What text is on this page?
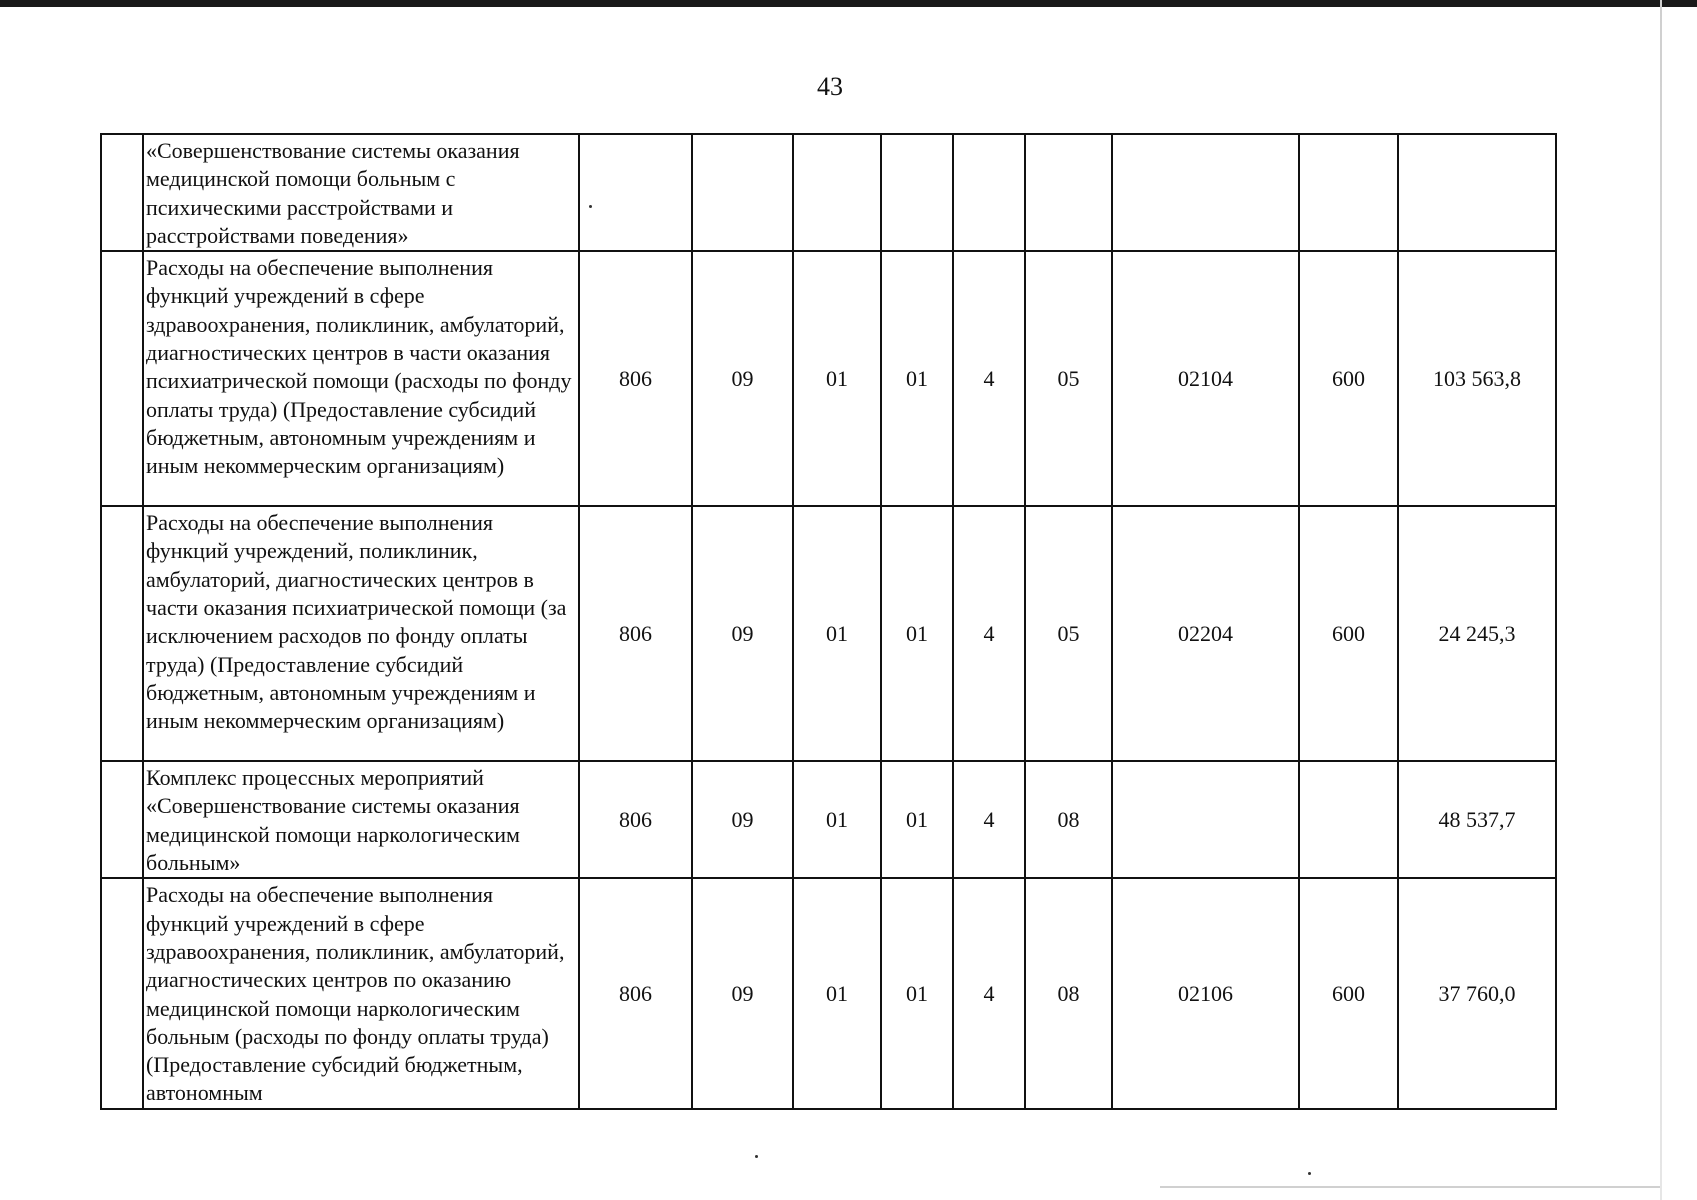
43
	«Совершенствование системы оказания медицинской помощи больным с психическими расстройствами и расстройствами поведения»									
	Расходы на обеспечение выполнения функций учреждений в сфере здравоохранения, поликлиник, амбулаторий, диагностических центров в части оказания психиатрической помощи (расходы по фонду оплаты труда) (Предоставление субсидий бюджетным, автономным учреждениям и иным некоммерческим организациям)	806	09	01	01	4	05	02104	600	103 563,8
	Расходы на обеспечение выполнения функций учреждений, поликлиник, амбулаторий, диагностических центров в части оказания психиатрической помощи (за исключением расходов по фонду оплаты труда) (Предоставление субсидий бюджетным, автономным учреждениям и иным некоммерческим организациям)	806	09	01	01	4	05	02204	600	24 245,3
	Комплекс процессных мероприятий «Совершенствование системы оказания медицинской помощи наркологическим больным»	806	09	01	01	4	08			48 537,7
	Расходы на обеспечение выполнения функций учреждений в сфере здравоохранения, поликлиник, амбулаторий, диагностических центров по оказанию медицинской помощи наркологическим больным (расходы по фонду оплаты труда) (Предоставление субсидий бюджетным, автономным	806	09	01	01	4	08	02106	600	37 760,0
